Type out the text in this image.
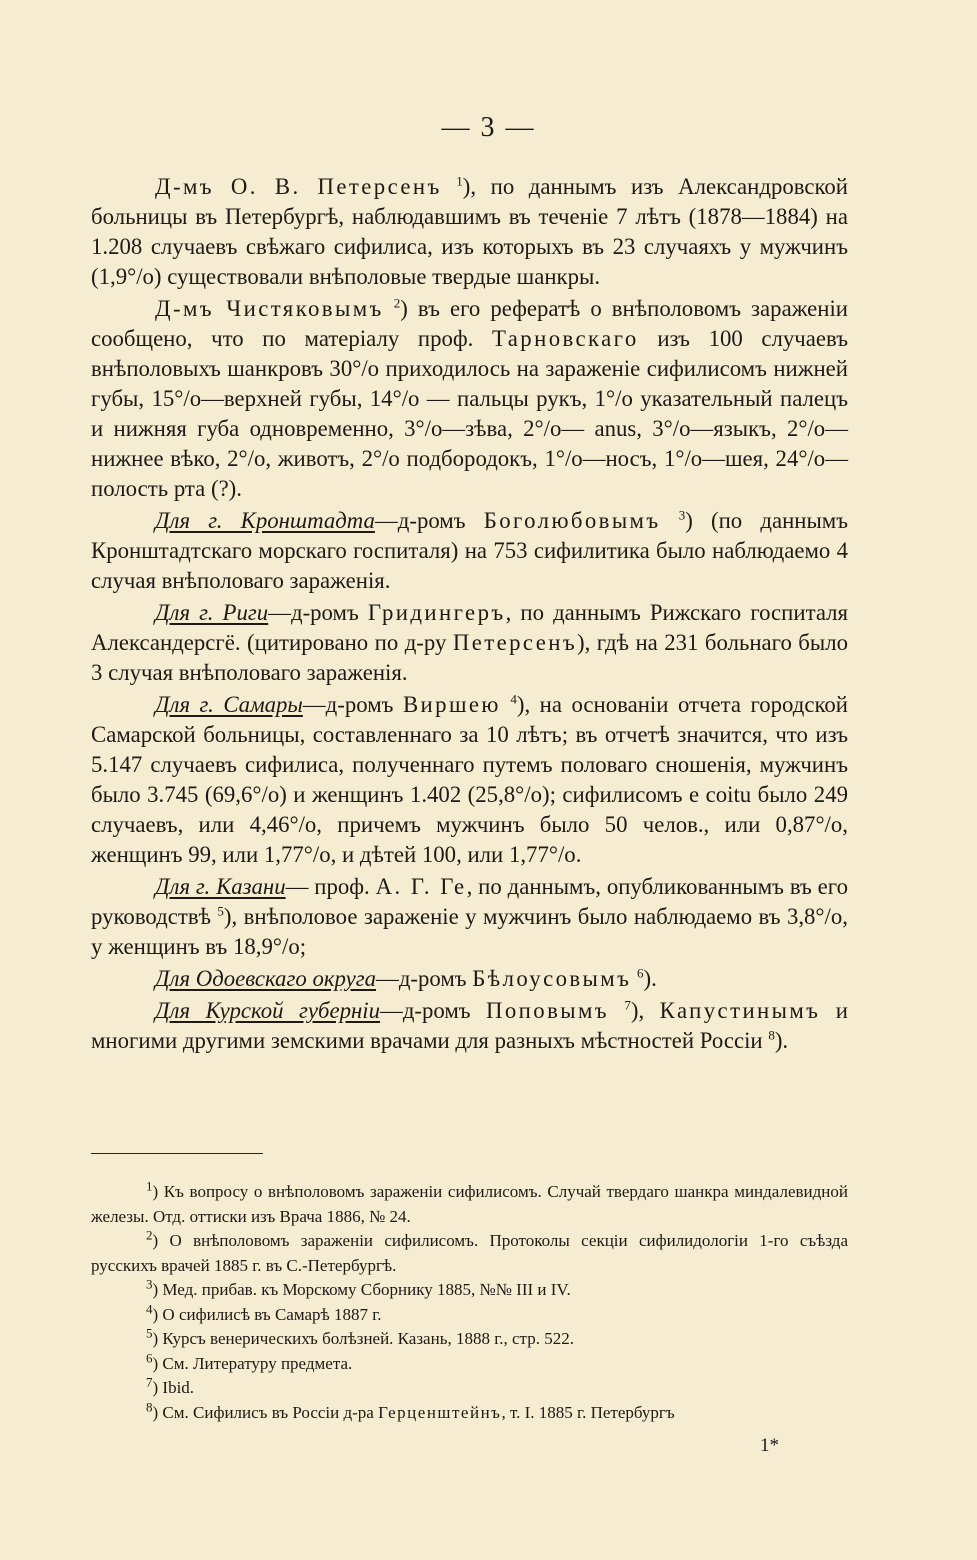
— 3 —

Д-мъ О. В. Петерсенъ $^1$), по даннымъ изъ Александровской больницы въ Петербургѣ, наблюдавшимъ въ теченіе 7 лѣтъ (1878—1884) на 1.208 случаевъ свѣжаго сифилиса, изъ которыхъ въ 23 случаяхъ у мужчинъ (1,9°/о) существовали внѣполовые твердые шанкры.

Д-мъ Чистяковымъ $^2$) въ его рефератѣ о внѣполовомъ зараженіи сообщено, что по матеріалу проф. Тарновскаго изъ 100 случаевъ внѣполовыхъ шанкровъ 30°/о приходилось на зараженіе сифилисомъ нижней губы, 15°/о—верхней губы, 14°/о — пальцы рукъ, 1°/о указательный палецъ и нижняя губа одновременно, 3°/о—зѣва, 2°/о— anus, 3°/о—языкъ, 2°/о—нижнее вѣко, 2°/о, животъ, 2°/о подбородокъ, 1°/о—носъ, 1°/о—шея, 24°/о—полость рта (?).

Для г. Кронштадта—д-ромъ Боголюбовымъ $^3$) (по даннымъ Кронштадтскаго морскаго госпиталя) на 753 сифилитика было наблюдаемо 4 случая внѣполоваго зараженія.

Для г. Риги—д-ромъ Гридингеръ, по даннымъ Рижскаго госпиталя Александерсгё. (цитировано по д-ру Петерсенъ), гдѣ на 231 больнаго было 3 случая внѣполоваго зараженія.

Для г. Самары—д-ромъ Виршею $^4$), на основаніи отчета городской Самарской больницы, составленнаго за 10 лѣтъ; въ отчетѣ значится, что изъ 5.147 случаевъ сифилиса, полученнаго путемъ половаго сношенія, мужчинъ было 3.745 (69,6°/о) и женщинъ 1.402 (25,8°/о); сифилисомъ е coitu было 249 случаевъ, или 4,46°/о, причемъ мужчинъ было 50 челов., или 0,87°/о, женщинъ 99, или 1,77°/о, и дѣтей 100, или 1,77°/о.

Для г. Казани— проф. А. Г. Ге, по даннымъ, опубликованнымъ въ его руководствѣ $^5$), внѣполовое зараженіе у мужчинъ было наблюдаемо въ 3,8°/о, у женщинъ въ 18,9°/о;

Для Одоевскаго округа—д-ромъ Бѣлоусовымъ $^6$).

Для Курской губерніи—д-ромъ Поповымъ $^7$), Капустинымъ и многими другими земскими врачами для разныхъ мѣстностей Россіи $^8$).

$^1$) Къ вопросу о внѣполовомъ зараженіи сифилисомъ. Случай твердаго шанкра миндалевидной железы. Отд. оттиски изъ Врача 1886, № 24.

$^2$) О внѣполовомъ зараженіи сифилисомъ. Протоколы секціи сифилидологіи 1-го съѣзда русскихъ врачей 1885 г. въ С.-Петербургѣ.

$^3$) Мед. прибав. къ Морскому Сборнику 1885, №№ III и IV.

$^4$) О сифилисѣ въ Самарѣ 1887 г.

$^5$) Курсъ венерическихъ болѣзней. Казань, 1888 г., стр. 522.

$^6$) См. Литературу предмета.

$^7$) Ibid.

$^8$) См. Сифилисъ въ Россіи д-ра Герценштейнъ, т. I. 1885 г. Петербургъ

1*
